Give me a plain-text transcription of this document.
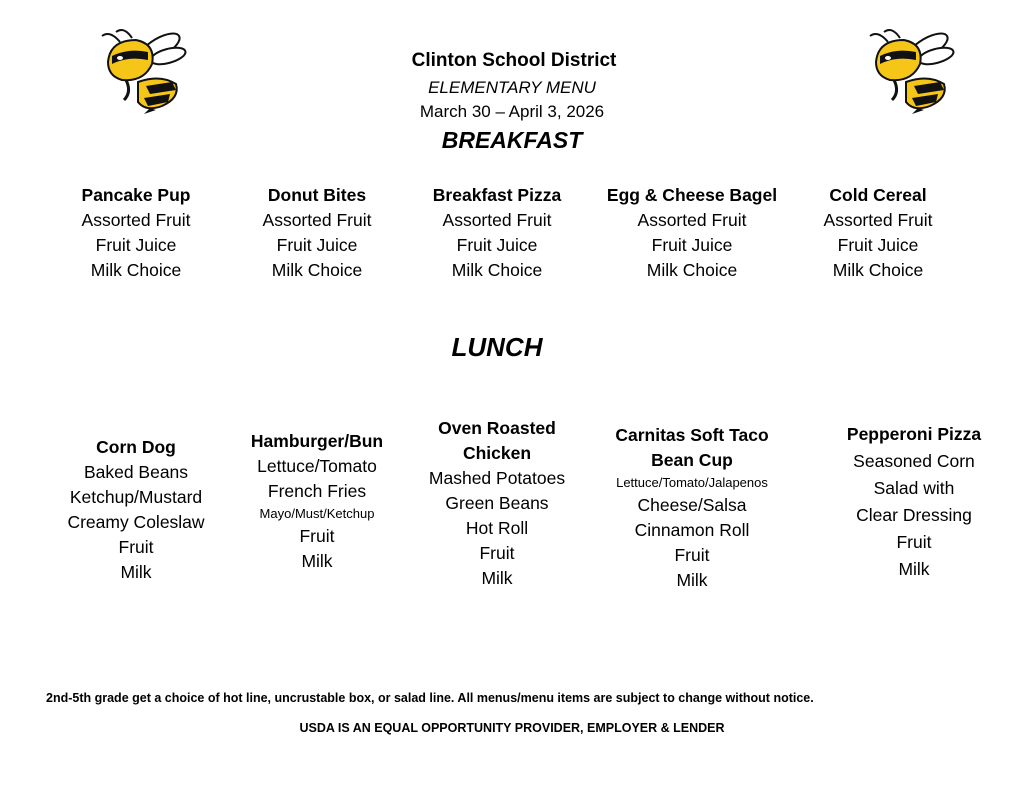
Clinton School District
ELEMENTARY MENU
March 30 – April 3, 2026
BREAKFAST
Pancake Pup
Assorted Fruit
Fruit Juice
Milk Choice
Donut Bites
Assorted Fruit
Fruit Juice
Milk Choice
Breakfast Pizza
Assorted Fruit
Fruit Juice
Milk Choice
Egg & Cheese Bagel
Assorted Fruit
Fruit Juice
Milk Choice
Cold Cereal
Assorted Fruit
Fruit Juice
Milk Choice
LUNCH
Corn Dog
Baked Beans
Ketchup/Mustard
Creamy Coleslaw
Fruit
Milk
Hamburger/Bun
Lettuce/Tomato
French Fries
Mayo/Must/Ketchup
Fruit
Milk
Oven Roasted
Chicken
Mashed Potatoes
Green Beans
Hot Roll
Fruit
Milk
Carnitas Soft Taco
Bean Cup
Lettuce/Tomato/Jalapenos
Cheese/Salsa
Cinnamon Roll
Fruit
Milk
Pepperoni Pizza
Seasoned Corn
Salad with
Clear Dressing
Fruit
Milk
2nd-5th grade get a choice of hot line, uncrustable box, or salad line. All menus/menu items are subject to change without notice.
USDA IS AN EQUAL OPPORTUNITY PROVIDER, EMPLOYER & LENDER
